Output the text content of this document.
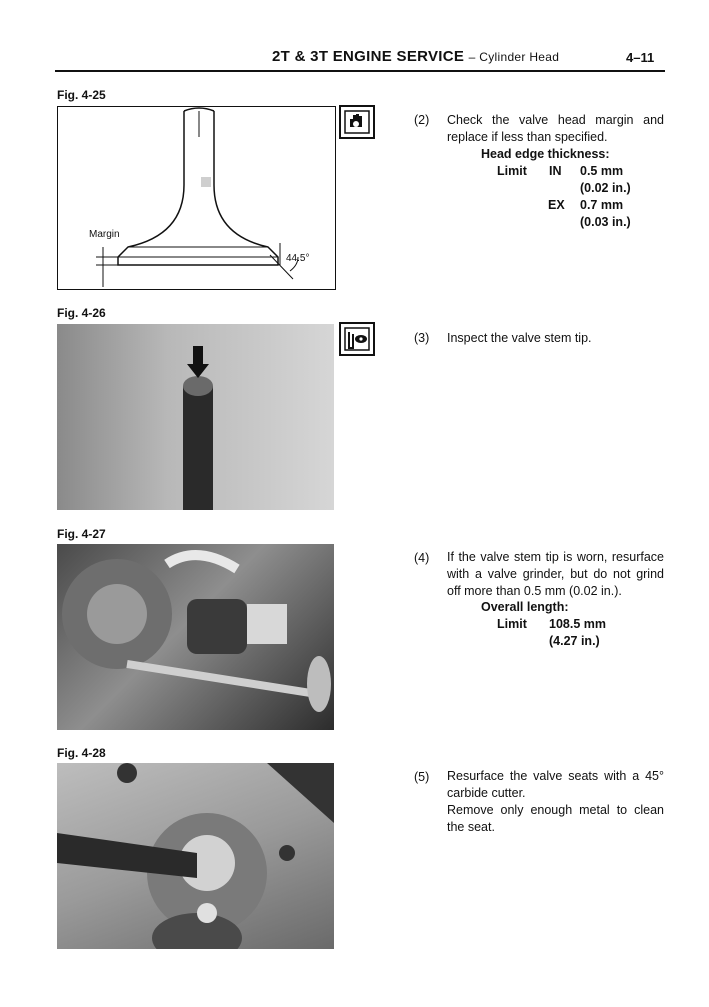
2T & 3T ENGINE SERVICE – Cylinder Head	4–11
Fig. 4-25
Margin
44.5°
(2) Check the valve head margin and replace if less than specified.
Head edge thickness:
Limit IN 0.5 mm
(0.02 in.)
EX 0.7 mm
(0.03 in.)
Fig. 4-26
(3) Inspect the valve stem tip.
Fig. 4-27
(4) If the valve stem tip is worn, resurface with a valve grinder, but do not grind off more than 0.5 mm (0.02 in.).
Overall length:
Limit 108.5 mm
(4.27 in.)
Fig. 4-28
(5) Resurface the valve seats with a 45° carbide cutter.
Remove only enough metal to clean the seat.
